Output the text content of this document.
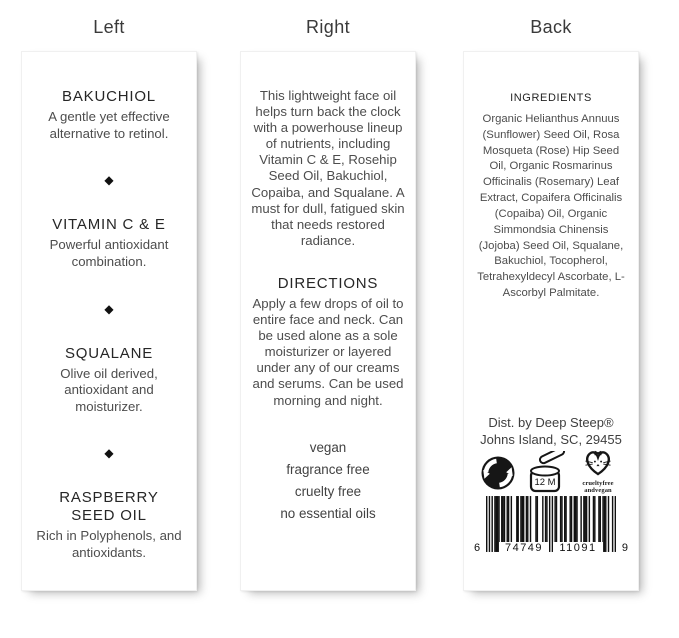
Left
BAKUCHIOL

A gentle yet effective alternative to retinol.

◆
VITAMIN C & E

Powerful antioxidant combination.

◆
SQUALANE

Olive oil derived, antioxidant and moisturizer.

◆
RASPBERRY SEED OIL

Rich in Polyphenols, and antioxidants.

Right

This lightweight face oil helps turn back the clock with a powerhouse lineup of nutrients, including Vitamin C & E, Rosehip Seed Oil, Bakuchiol, Copaiba, and Squalane. A must for dull, fatigued skin that needs restored radiance.

DIRECTIONS

Apply a few drops of oil to entire face and neck. Can be used alone as a sole moisturizer or layered under any of our creams and serums. Can be used morning and night.

vegan
fragrance free
cruelty free
no essential oils
Back
INGREDIENTS

Organic Helianthus Annuus (Sunflower) Seed Oil, Rosa Mosqueta (Rose) Hip Seed Oil, Organic Rosmarinus Officinalis (Rosemary) Leaf Extract, Copaifera Officinalis (Copaiba) Oil, Organic Simmondsia Chinensis (Jojoba) Seed Oil, Squalane, Bakuchiol, Tocopherol, Tetrahexyldecyl Ascorbate, L-Ascorbyl Palmitate.

Dist. by Deep Steep®
Johns Island, SC, 29455
12 M	crueltyfree
andvegan
6	74749	11091	9
